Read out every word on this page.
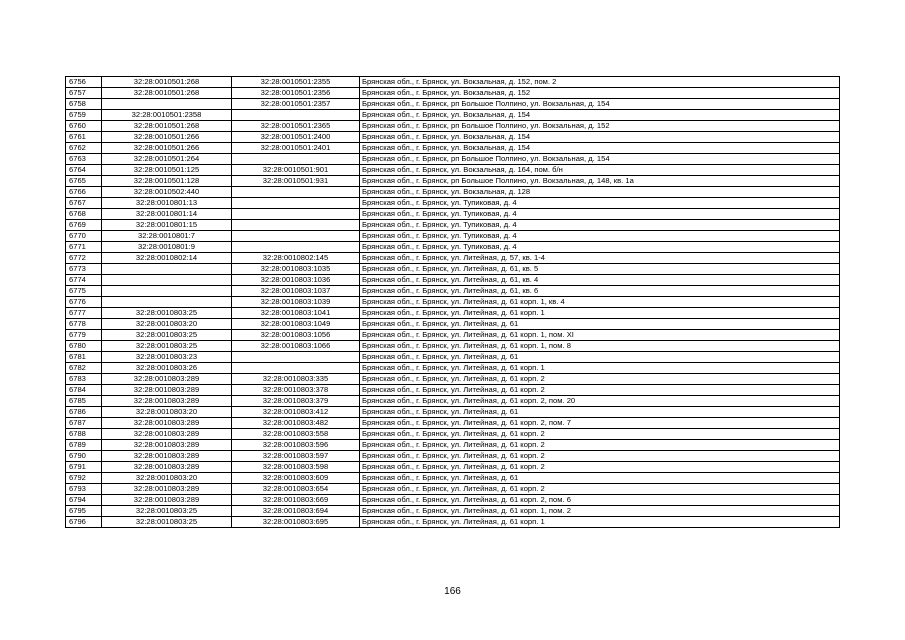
6756	32:28:0010501:268	32:28:0010501:2355	Брянская обл., г. Брянск, ул. Вокзальная, д. 152, пом. 2
6757	32:28:0010501:268	32:28:0010501:2356	Брянская обл., г. Брянск, ул. Вокзальная, д. 152
6758		32:28:0010501:2357	Брянская обл., г. Брянск, рп Большое Полпино, ул. Вокзальная, д. 154
6759	32:28:0010501:2358		Брянская обл., г. Брянск, ул. Вокзальная, д. 154
6760	32:28:0010501:268	32:28:0010501:2365	Брянская обл., г. Брянск, рп Большое Полпино, ул. Вокзальная, д. 152
6761	32:28:0010501:266	32:28:0010501:2400	Брянская обл., г. Брянск, ул. Вокзальная, д. 154
6762	32:28:0010501:266	32:28:0010501:2401	Брянская обл., г. Брянск, ул. Вокзальная, д. 154
6763	32:28:0010501:264		Брянская обл., г. Брянск, рп Большое Полпино, ул. Вокзальная, д. 154
6764	32:28:0010501:125	32:28:0010501:901	Брянская обл., г. Брянск, ул. Вокзальная, д. 164, пом. б/н
6765	32:28:0010501:128	32:28:0010501:931	Брянская обл., г. Брянск, рп Большое Полпино, ул. Вокзальная, д. 148, кв. 1а
6766	32:28:0010502:440		Брянская обл., г. Брянск, ул. Вокзальная, д. 128
6767	32:28:0010801:13		Брянская обл., г. Брянск, ул. Тупиковая, д. 4
6768	32:28:0010801:14		Брянская обл., г. Брянск, ул. Тупиковая, д. 4
6769	32:28:0010801:15		Брянская обл., г. Брянск, ул. Тупиковая, д. 4
6770	32:28:0010801:7		Брянская обл., г. Брянск, ул. Тупиковая, д. 4
6771	32:28:0010801:9		Брянская обл., г. Брянск, ул. Тупиковая, д. 4
6772	32:28:0010802:14	32:28:0010802:145	Брянская обл., г. Брянск, ул. Литейная, д. 57, кв. 1-4
6773		32:28:0010803:1035	Брянская обл., г. Брянск, ул. Литейная, д. 61, кв. 5
6774		32:28:0010803:1036	Брянская обл., г. Брянск, ул. Литейная, д. 61, кв. 4
6775		32:28:0010803:1037	Брянская обл., г. Брянск, ул. Литейная, д. 61, кв. 6
6776		32:28:0010803:1039	Брянская обл., г. Брянск, ул. Литейная, д. 61 корп. 1, кв. 4
6777	32:28:0010803:25	32:28:0010803:1041	Брянская обл., г. Брянск, ул. Литейная, д. 61 корп. 1
6778	32:28:0010803:20	32:28:0010803:1049	Брянская обл., г. Брянск, ул. Литейная, д. 61
6779	32:28:0010803:25	32:28:0010803:1056	Брянская обл., г. Брянск, ул. Литейная, д. 61 корп. 1, пом. XI
6780	32:28:0010803:25	32:28:0010803:1066	Брянская обл., г. Брянск, ул. Литейная, д. 61 корп. 1, пом. 8
6781	32:28:0010803:23		Брянская обл., г. Брянск, ул. Литейная, д. 61
6782	32:28:0010803:26		Брянская обл., г. Брянск, ул. Литейная, д. 61 корп. 1
6783	32:28:0010803:289	32:28:0010803:335	Брянская обл., г. Брянск, ул. Литейная, д. 61 корп. 2
6784	32:28:0010803:289	32:28:0010803:378	Брянская обл., г. Брянск, ул. Литейная, д. 61 корп. 2
6785	32:28:0010803:289	32:28:0010803:379	Брянская обл., г. Брянск, ул. Литейная, д. 61 корп. 2, пом. 20
6786	32:28:0010803:20	32:28:0010803:412	Брянская обл., г. Брянск, ул. Литейная, д. 61
6787	32:28:0010803:289	32:28:0010803:482	Брянская обл., г. Брянск, ул. Литейная, д. 61 корп. 2, пом. 7
6788	32:28:0010803:289	32:28:0010803:558	Брянская обл., г. Брянск, ул. Литейная, д. 61 корп. 2
6789	32:28:0010803:289	32:28:0010803:596	Брянская обл., г. Брянск, ул. Литейная, д. 61 корп. 2
6790	32:28:0010803:289	32:28:0010803:597	Брянская обл., г. Брянск, ул. Литейная, д. 61 корп. 2
6791	32:28:0010803:289	32:28:0010803:598	Брянская обл., г. Брянск, ул. Литейная, д. 61 корп. 2
6792	32:28:0010803:20	32:28:0010803:609	Брянская обл., г. Брянск, ул. Литейная, д. 61
6793	32:28:0010803:289	32:28:0010803:654	Брянская обл., г. Брянск, ул. Литейная, д. 61 корп. 2
6794	32:28:0010803:289	32:28:0010803:669	Брянская обл., г. Брянск, ул. Литейная, д. 61 корп. 2, пом. 6
6795	32:28:0010803:25	32:28:0010803:694	Брянская обл., г. Брянск, ул. Литейная, д. 61 корп. 1, пом. 2
6796	32:28:0010803:25	32:28:0010803:695	Брянская обл., г. Брянск, ул. Литейная, д. 61 корп. 1
166
